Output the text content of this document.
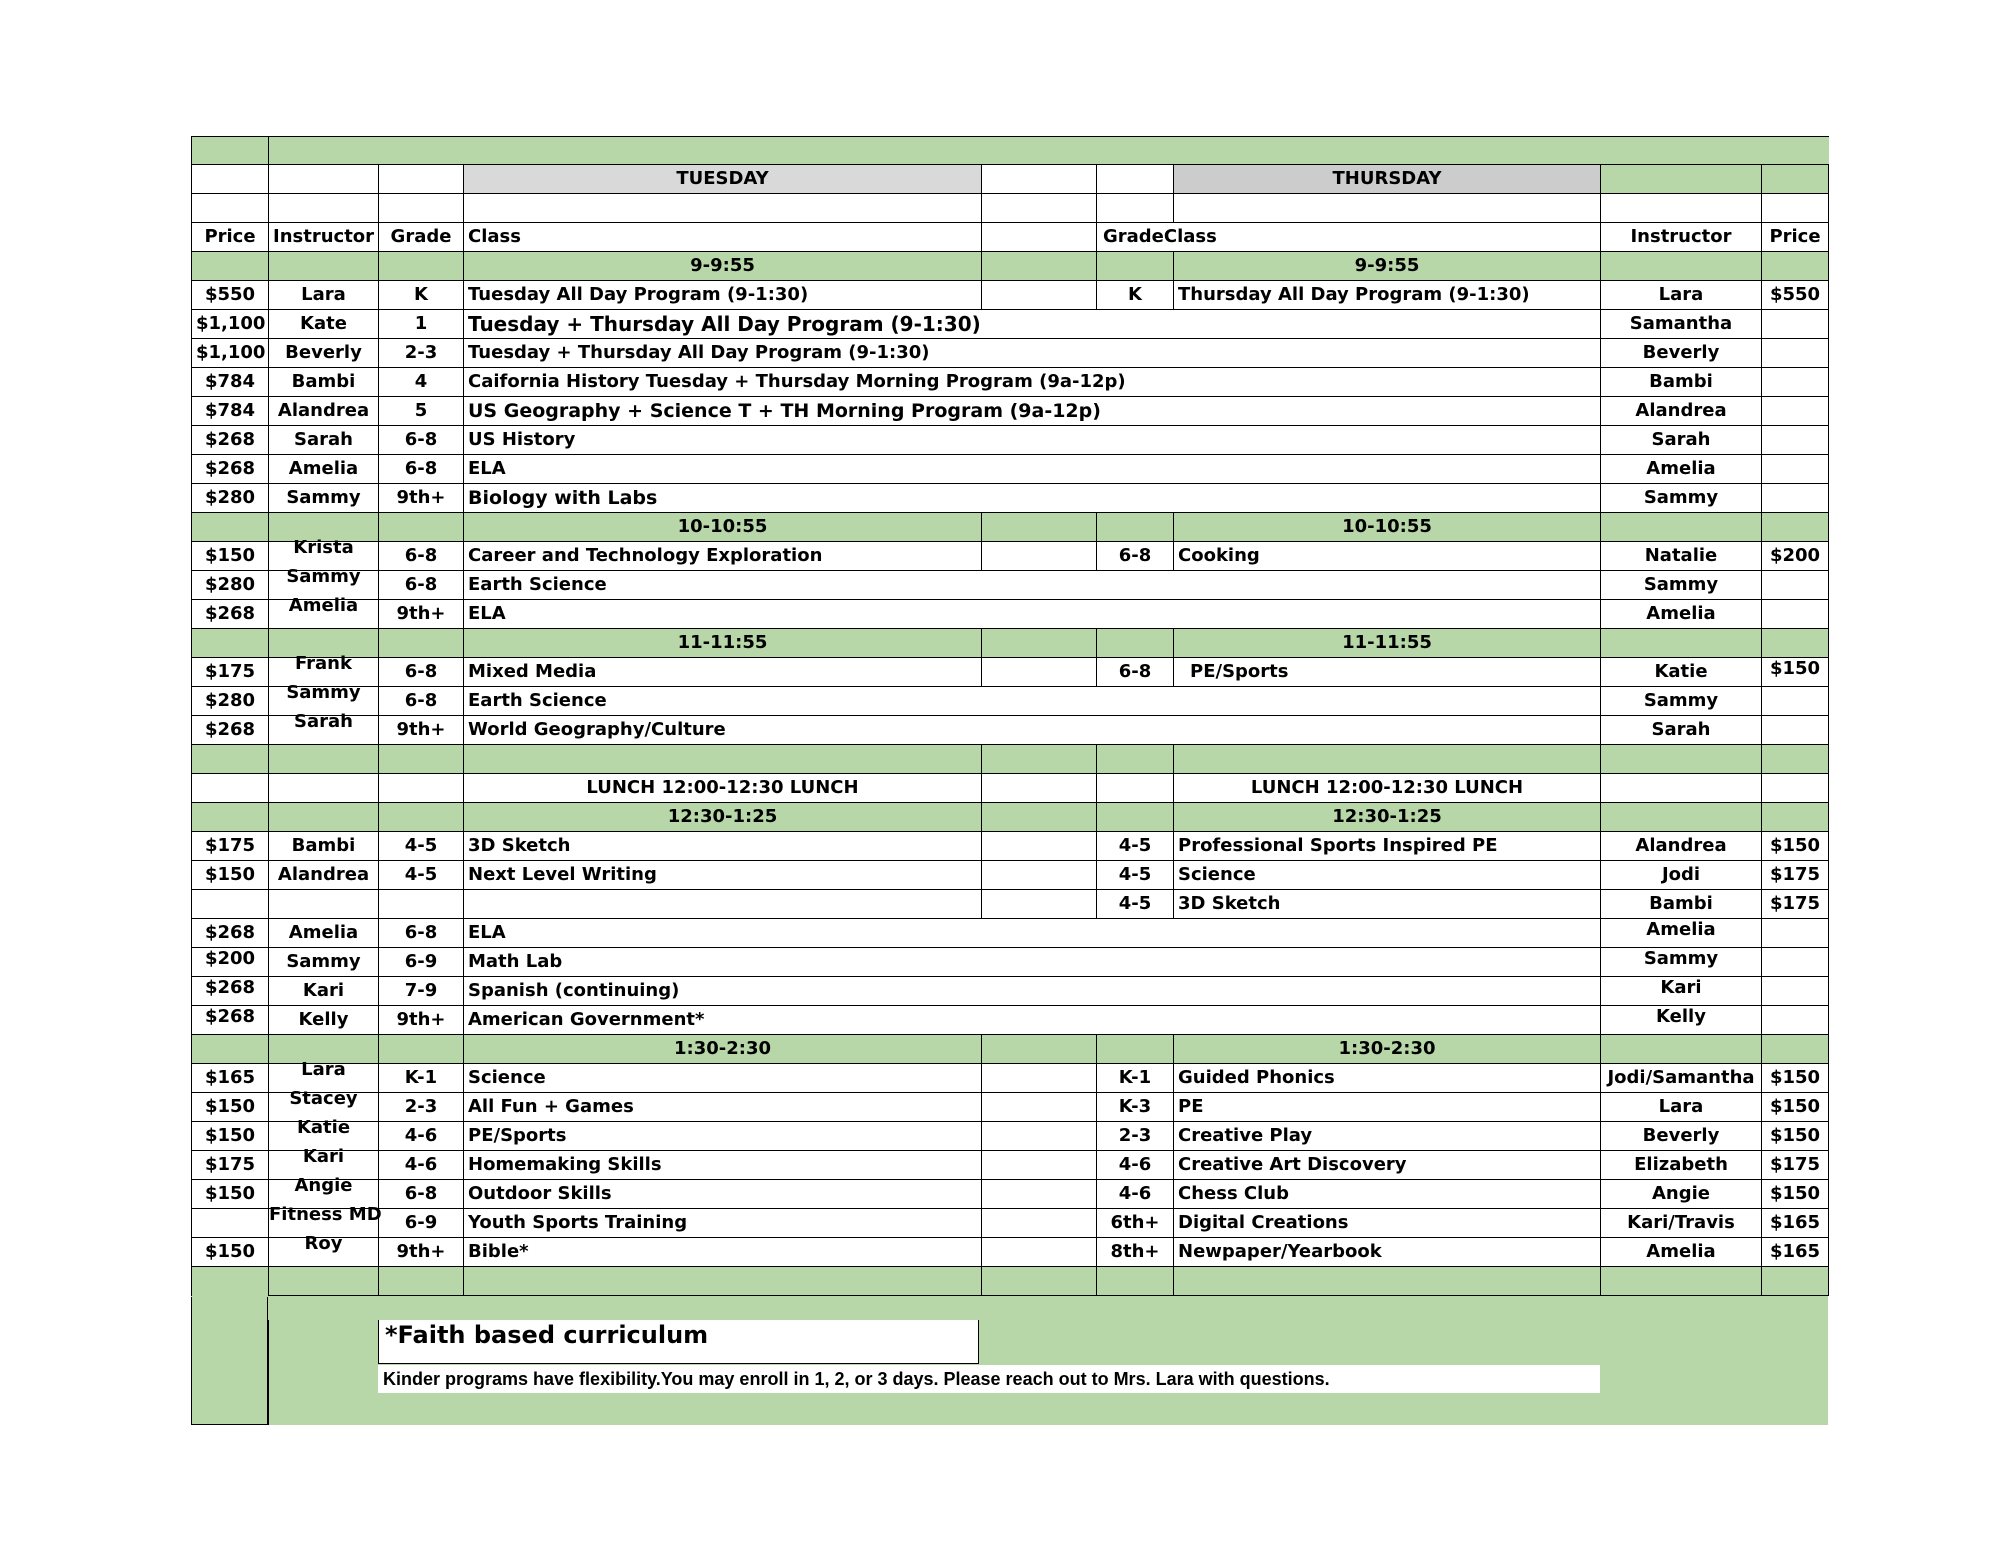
			TUESDAY			THURSDAY		

Price	Instructor	Grade	Class		GradeClass		Instructor	Price
			9-9:55			9-9:55		
$550	Lara	K	Tuesday All Day Program (9-1:30)		K	Thursday All Day Program (9-1:30)	Lara	$550
$1,100	Kate	1	Tuesday + Thursday All Day Program (9-1:30)				Samantha	
$1,100	Beverly	2-3	Tuesday + Thursday All Day Program (9-1:30)				Beverly	
$784	Bambi	4	Caifornia History Tuesday + Thursday Morning Program (9a-12p)				Bambi	
$784	Alandrea	5	US Geography + Science T + TH Morning Program (9a-12p)				Alandrea	
$268	Sarah	6-8	US History				Sarah	
$268	Amelia	6-8	ELA				Amelia	
$280	Sammy	9th+	Biology with Labs				Sammy	
			10-10:55			10-10:55		
$150	Krista	6-8	Career and Technology Exploration		6-8	Cooking	Natalie	$200
$280	Sammy	6-8	Earth Science				Sammy	
$268	Amelia	9th+	ELA				Amelia	
			11-11:55			11-11:55		
$175	Frank	6-8	Mixed Media		6-8	PE/Sports	Katie	$150
$280	Sammy	6-8	Earth Science				Sammy	
$268	Sarah	9th+	World Geography/Culture				Sarah	

			LUNCH 12:00-12:30 LUNCH			LUNCH 12:00-12:30 LUNCH		
			12:30-1:25			12:30-1:25		
$175	Bambi	4-5	3D Sketch		4-5	Professional Sports Inspired PE	Alandrea	$150
$150	Alandrea	4-5	Next Level Writing		4-5	Science	Jodi	$175
					4-5	3D Sketch	Bambi	$175
$268	Amelia	6-8	ELA				Amelia	
$200	Sammy	6-9	Math Lab				Sammy	
$268	Kari	7-9	Spanish (continuing)				Kari	
$268	Kelly	9th+	American Government*				Kelly	
			1:30-2:30			1:30-2:30		
$165	Lara	K-1	Science		K-1	Guided Phonics	Jodi/Samantha	$150
$150	Stacey	2-3	All Fun + Games		K-3	PE	Lara	$150
$150	Katie	4-6	PE/Sports		2-3	Creative Play	Beverly	$150
$175	Kari	4-6	Homemaking Skills		4-6	Creative Art Discovery	Elizabeth	$175
$150	Angie	6-8	Outdoor Skills		4-6	Chess Club	Angie	$150
	Fitness MD	6-9	Youth Sports Training		6th+	Digital Creations	Kari/Travis	$165
$150	Roy	9th+	Bible*		8th+	Newpaper/Yearbook	Amelia	$165

*Faith based curriculum
Kinder programs have flexibility.You may enroll in 1, 2, or 3 days. Please reach out to Mrs. Lara with questions.
